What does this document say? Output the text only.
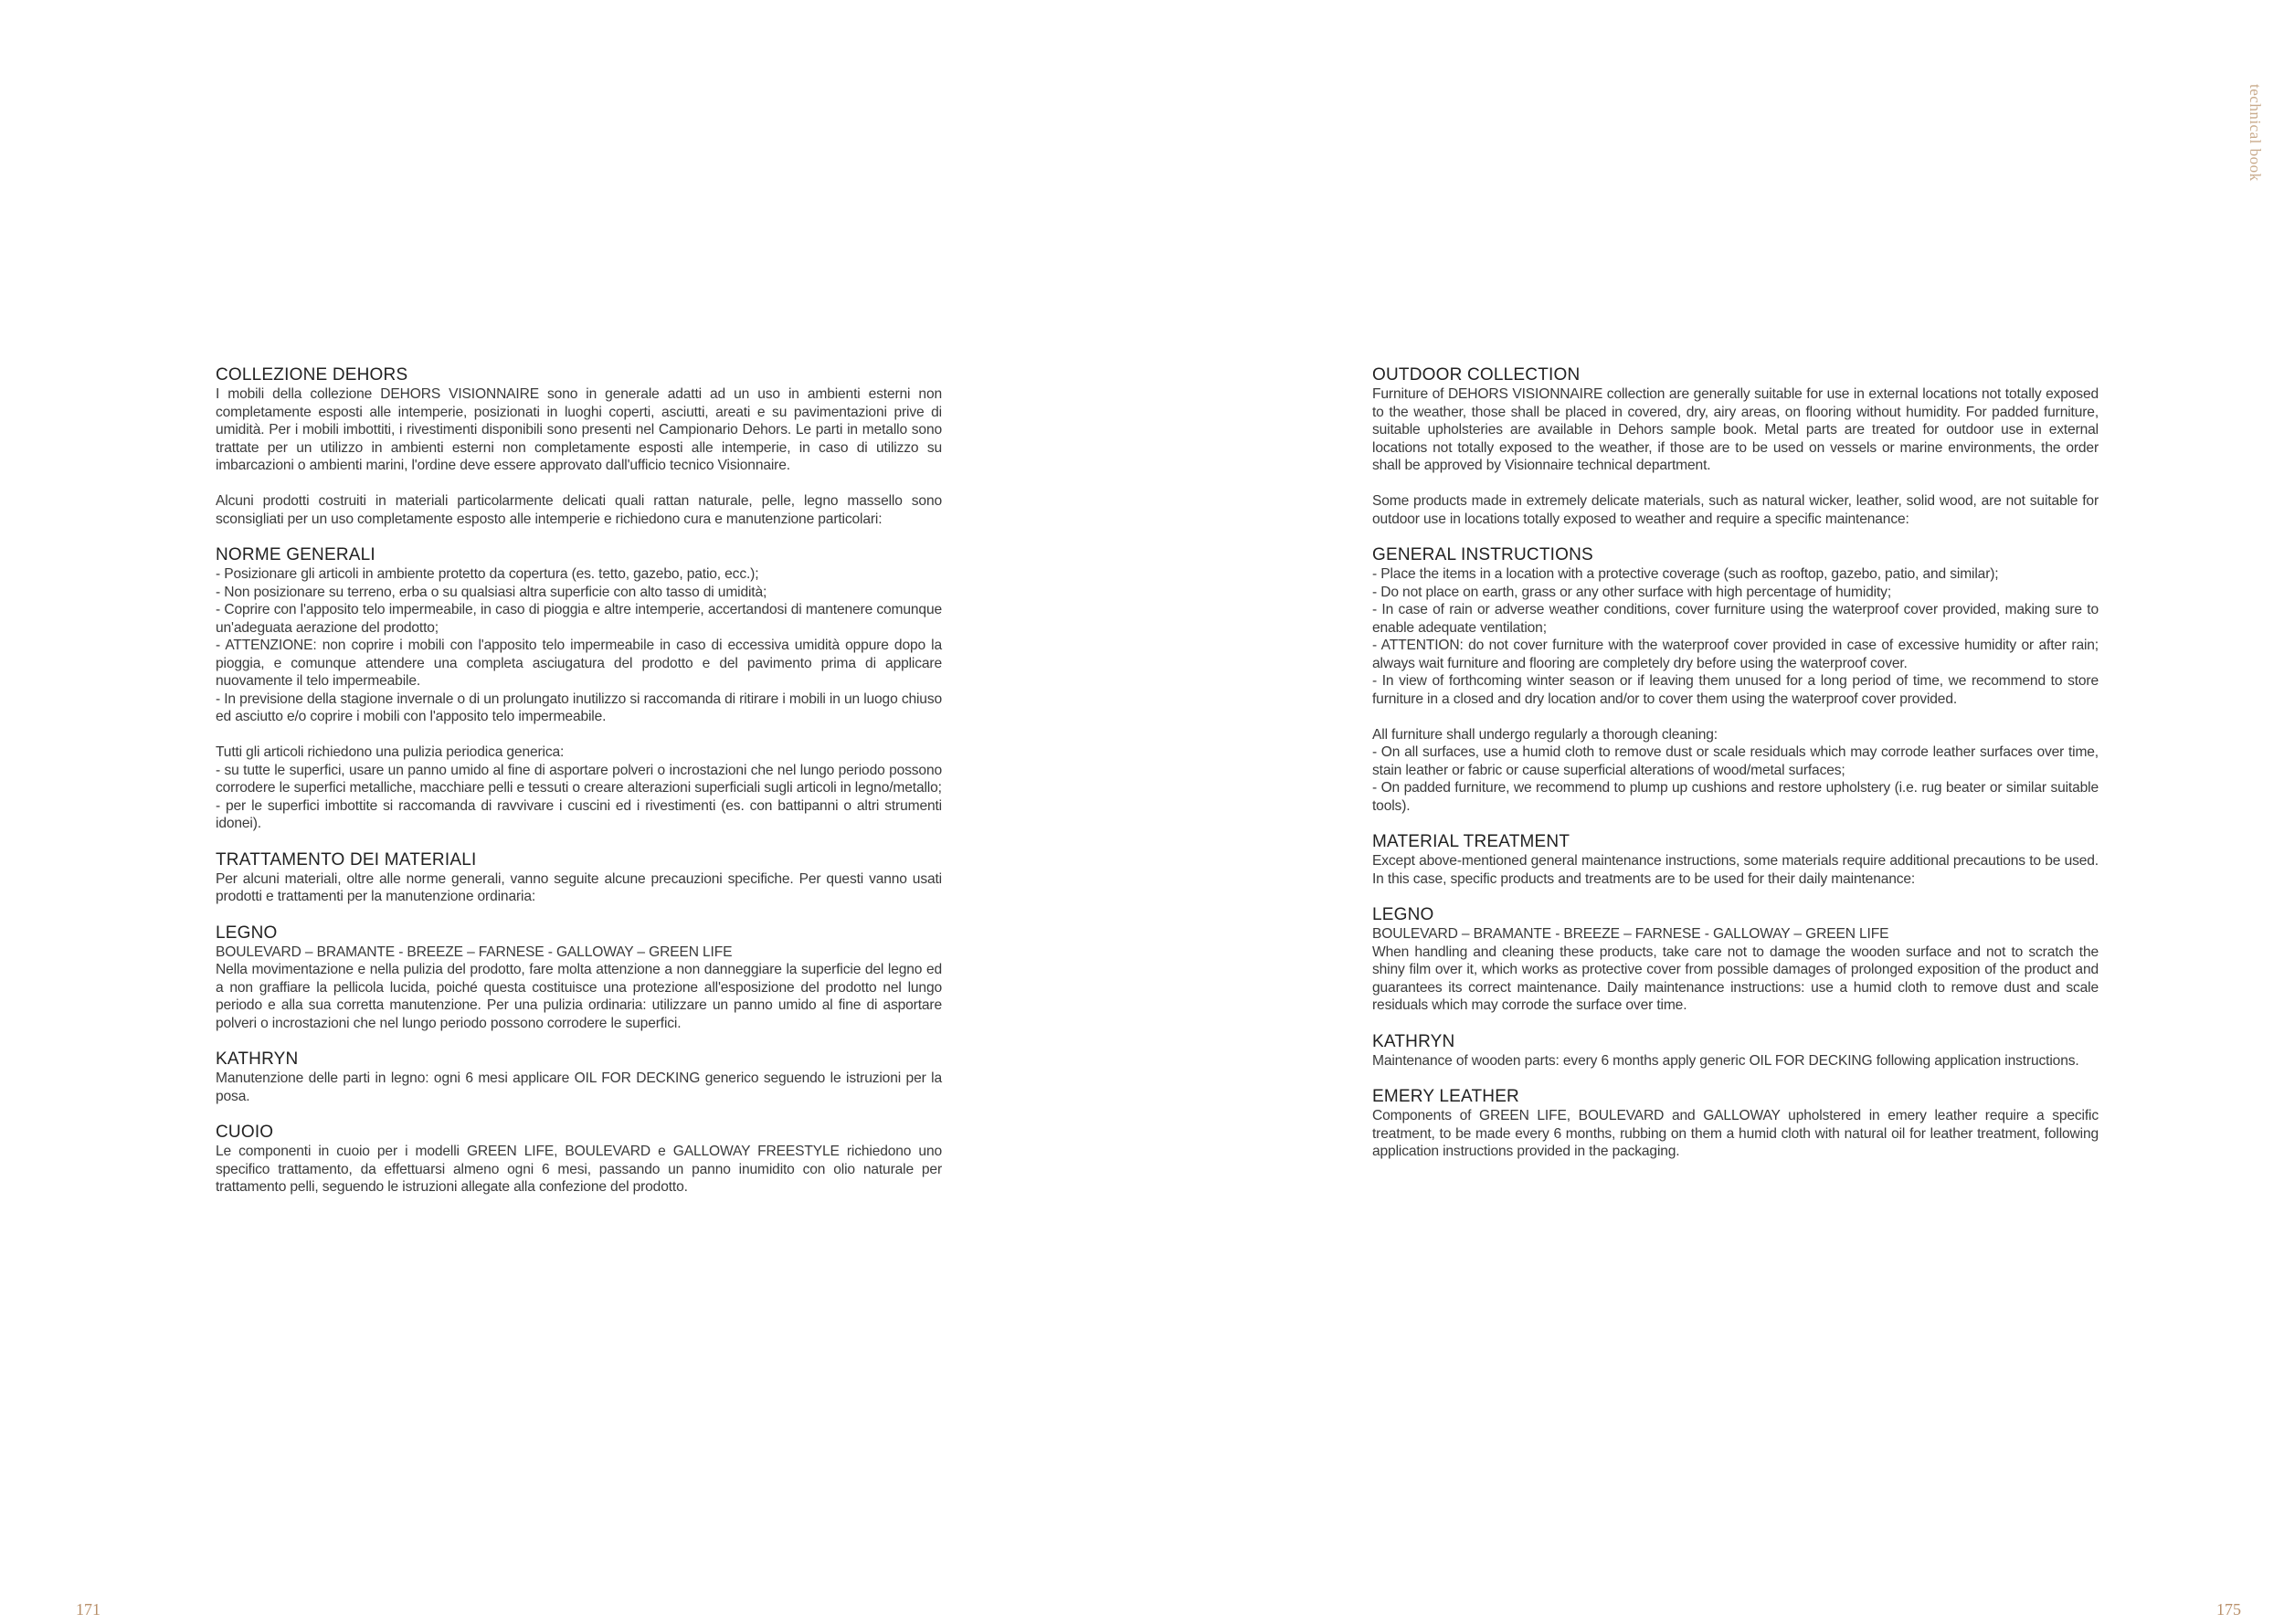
technical book
COLLEZIONE DEHORS

I mobili della collezione DEHORS VISIONNAIRE sono in generale adatti ad un uso in ambienti esterni non completamente esposti alle intemperie, posizionati in luoghi coperti, asciutti, areati e su pavimentazioni prive di umidità. Per i mobili imbottiti, i rivestimenti disponibili sono presenti nel Campionario Dehors. Le parti in metallo sono trattate per un utilizzo in ambienti esterni non completamente esposti alle intemperie, in caso di utilizzo su imbarcazioni o ambienti marini, l'ordine deve essere approvato dall'ufficio tecnico Visionnaire.

Alcuni prodotti costruiti in materiali particolarmente delicati quali rattan naturale, pelle, legno massello sono sconsigliati per un uso completamente esposto alle intemperie e richiedono cura e manutenzione particolari:

NORME GENERALI

- Posizionare gli articoli in ambiente protetto da copertura (es. tetto, gazebo, patio, ecc.);

- Non posizionare su terreno, erba o su qualsiasi altra superficie con alto tasso di umidità;

- Coprire con l'apposito telo impermeabile, in caso di pioggia e altre intemperie, accertandosi di mantenere comunque un'adeguata aerazione del prodotto;

- ATTENZIONE: non coprire i mobili con l'apposito telo impermeabile in caso di eccessiva umidità oppure dopo la pioggia, e comunque attendere una completa asciugatura del prodotto e del pavimento prima di applicare nuovamente il telo impermeabile.

- In previsione della stagione invernale o di un prolungato inutilizzo si raccomanda di ritirare i mobili in un luogo chiuso ed asciutto e/o coprire i mobili con l'apposito telo impermeabile.

Tutti gli articoli richiedono una pulizia periodica generica:

- su tutte le superfici, usare un panno umido al fine di asportare polveri o incrostazioni che nel lungo periodo possono corrodere le superfici metalliche, macchiare pelli e tessuti o creare alterazioni superficiali sugli articoli in legno/metallo;

- per le superfici imbottite si raccomanda di ravvivare i cuscini ed i rivestimenti (es. con battipanni o altri strumenti idonei).

TRATTAMENTO DEI MATERIALI

Per alcuni materiali, oltre alle norme generali, vanno seguite alcune precauzioni specifiche. Per questi vanno usati prodotti e trattamenti per la manutenzione ordinaria:

LEGNO

BOULEVARD – BRAMANTE - BREEZE – FARNESE - GALLOWAY – GREEN LIFE

Nella movimentazione e nella pulizia del prodotto, fare molta attenzione a non danneggiare la superficie del legno ed a non graffiare la pellicola lucida, poiché questa costituisce una protezione all'esposizione del prodotto nel lungo periodo e alla sua corretta manutenzione. Per una pulizia ordinaria: utilizzare un panno umido al fine di asportare polveri o incrostazioni che nel lungo periodo possono corrodere le superfici.

KATHRYN

Manutenzione delle parti in legno: ogni 6 mesi applicare OIL FOR DECKING generico seguendo le istruzioni per la posa.

CUOIO

Le componenti in cuoio per i modelli GREEN LIFE, BOULEVARD e GALLOWAY FREESTYLE richiedono uno specifico trattamento, da effettuarsi almeno ogni 6 mesi, passando un panno inumidito con olio naturale per trattamento pelli, seguendo le istruzioni allegate alla confezione del prodotto.

OUTDOOR COLLECTION

Furniture of DEHORS VISIONNAIRE collection are generally suitable for use in external locations not totally exposed to the weather, those shall be placed in covered, dry, airy areas, on flooring without humidity. For padded furniture, suitable upholsteries are available in Dehors sample book. Metal parts are treated for outdoor use in external locations not totally exposed to the weather, if those are to be used on vessels or marine environments, the order shall be approved by Visionnaire technical department.

Some products made in extremely delicate materials, such as natural wicker, leather, solid wood, are not suitable for outdoor use in locations totally exposed to weather and require a specific maintenance:

GENERAL INSTRUCTIONS

- Place the items in a location with a protective coverage (such as rooftop, gazebo, patio, and similar);

- Do not place on earth, grass or any other surface with high percentage of humidity;

- In case of rain or adverse weather conditions, cover furniture using the waterproof cover provided, making sure to enable adequate ventilation;

- ATTENTION: do not cover furniture with the waterproof cover provided in case of excessive humidity or after rain; always wait furniture and flooring are completely dry before using the waterproof cover.

- In view of forthcoming winter season or if leaving them unused for a long period of time, we recommend to store furniture in a closed and dry location and/or to cover them using the waterproof cover provided.

All furniture shall undergo regularly a thorough cleaning:

- On all surfaces, use a humid cloth to remove dust or scale residuals which may corrode leather surfaces over time, stain leather or fabric or cause superficial alterations of wood/metal surfaces;

- On padded furniture, we recommend to plump up cushions and restore upholstery (i.e. rug beater or similar suitable tools).

MATERIAL TREATMENT

Except above-mentioned general maintenance instructions, some materials require additional precautions to be used. In this case, specific products and treatments are to be used for their daily maintenance:

LEGNO

BOULEVARD – BRAMANTE - BREEZE – FARNESE - GALLOWAY – GREEN LIFE

When handling and cleaning these products, take care not to damage the wooden surface and not to scratch the shiny film over it, which works as protective cover from possible damages of prolonged exposition of the product and guarantees its correct maintenance. Daily maintenance instructions: use a humid cloth to remove dust and scale residuals which may corrode the surface over time.

KATHRYN

Maintenance of wooden parts: every 6 months apply generic OIL FOR DECKING following application instructions.

EMERY LEATHER

Components of GREEN LIFE, BOULEVARD and GALLOWAY upholstered in emery leather require a specific treatment, to be made every 6 months, rubbing on them a humid cloth with natural oil for leather treatment, following application instructions provided in the packaging.

171	175
